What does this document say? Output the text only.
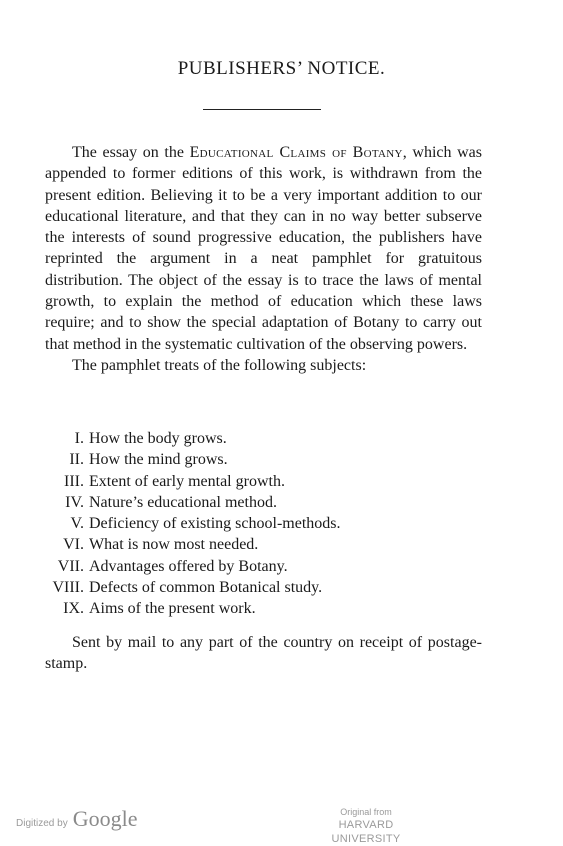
PUBLISHERS’ NOTICE.

The essay on the Educational Claims of Botany, which was appended to former editions of this work, is withdrawn from the present edition. Believing it to be a very important addition to our educational literature, and that they can in no way better subserve the interests of sound progressive education, the publishers have reprinted the argument in a neat pamphlet for gratuitous distribution. The object of the essay is to trace the laws of mental growth, to explain the method of education which these laws require; and to show the special adaptation of Botany to carry out that method in the systematic cultivation of the observing powers.

The pamphlet treats of the following subjects:

I. How the body grows.
II. How the mind grows.
III. Extent of early mental growth.
IV. Nature’s educational method.
V. Deficiency of existing school-methods.
VI. What is now most needed.
VII. Advantages offered by Botany.
VIII. Defects of common Botanical study.
IX. Aims of the present work.

Sent by mail to any part of the country on receipt of postage-stamp.

Digitized by Google	Original from
HARVARD UNIVERSITY
